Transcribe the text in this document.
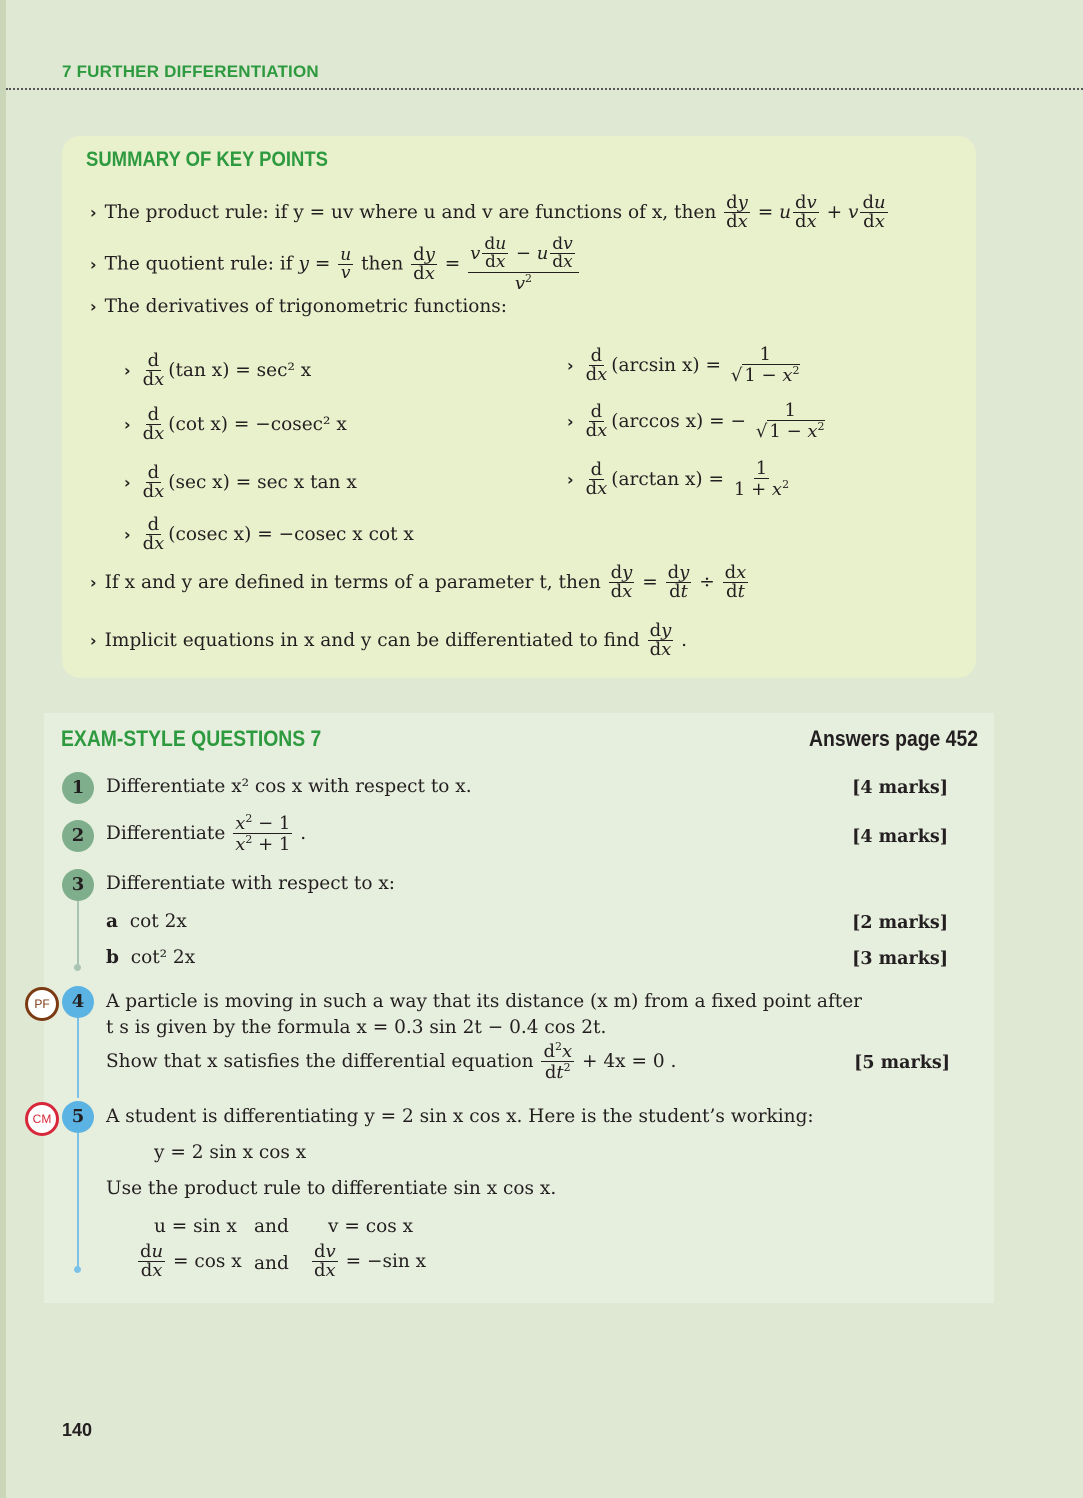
7 FURTHER DIFFERENTIATION
SUMMARY OF KEY POINTS
› The product rule: if y = uv where u and v are functions of x, then $\frac{dy}{dx} = u \frac{dv}{dx} + v \frac{du}{dx}$
› The quotient rule: if $y = \frac{u}{v}$ then $\frac{dy}{dx} = \frac{v \frac{du}{dx} - u \frac{dv}{dx}}{v^2}$
› The derivatives of trigonometric functions:
› $\frac{d}{dx} (\tan$ x) = sec² x
› $\frac{d}{dx} (\cot$ x) = −cosec² x
› $\frac{d}{dx} (\sec$ x) = sec x tan x
› $\frac{d}{dx} (cosec$ x) = −cosec x cot x
› $\frac{d}{dx} (\arcsin$ $x) = \frac{1}{√ 1 - x^2}$
› $\frac{d}{dx} (\arccos$ x) = − $\frac{1}{√ 1 - x^2}$
› $\frac{d}{dx} (\arctan$ $x) = \frac{1}{1 + x^2}$
› If x and y are defined in terms of a parameter t, then $\frac{dy}{dx} = \frac{dy}{dt} \div \frac{dx}{dt}$
› Implicit equations in x and y can be differentiated to find $\frac{dy}{dx}$ .
EXAM-STYLE QUESTIONS 7	Answers page 452
1	Differentiate x² cos x with respect to x.	[4 marks]
2	Differentiate $\frac{x^2 - 1}{x^2 + 1}$ .	[4 marks]
3	Differentiate with respect to x:
a cot 2x	[2 marks]
b cot² 2x	[3 marks]
PF	4	A particle is moving in such a way that its distance (x m) from a fixed point after
t s is given by the formula x = 0.3 sin 2t − 0.4 cos 2t.
Show that x satisfies the differential equation $\frac{d^2x}{dt^2} + 4x = 0$ .	[5 marks]
CM	5	A student is differentiating y = 2 sin x cos x. Here is the student’s working:
y = 2 sin x cos x
Use the product rule to differentiate sin x cos x.
u = sin x and v = cos x
$\frac{du}{dx} = \cos x$ and $\frac{dv}{dx} = -\sin$ x
140
